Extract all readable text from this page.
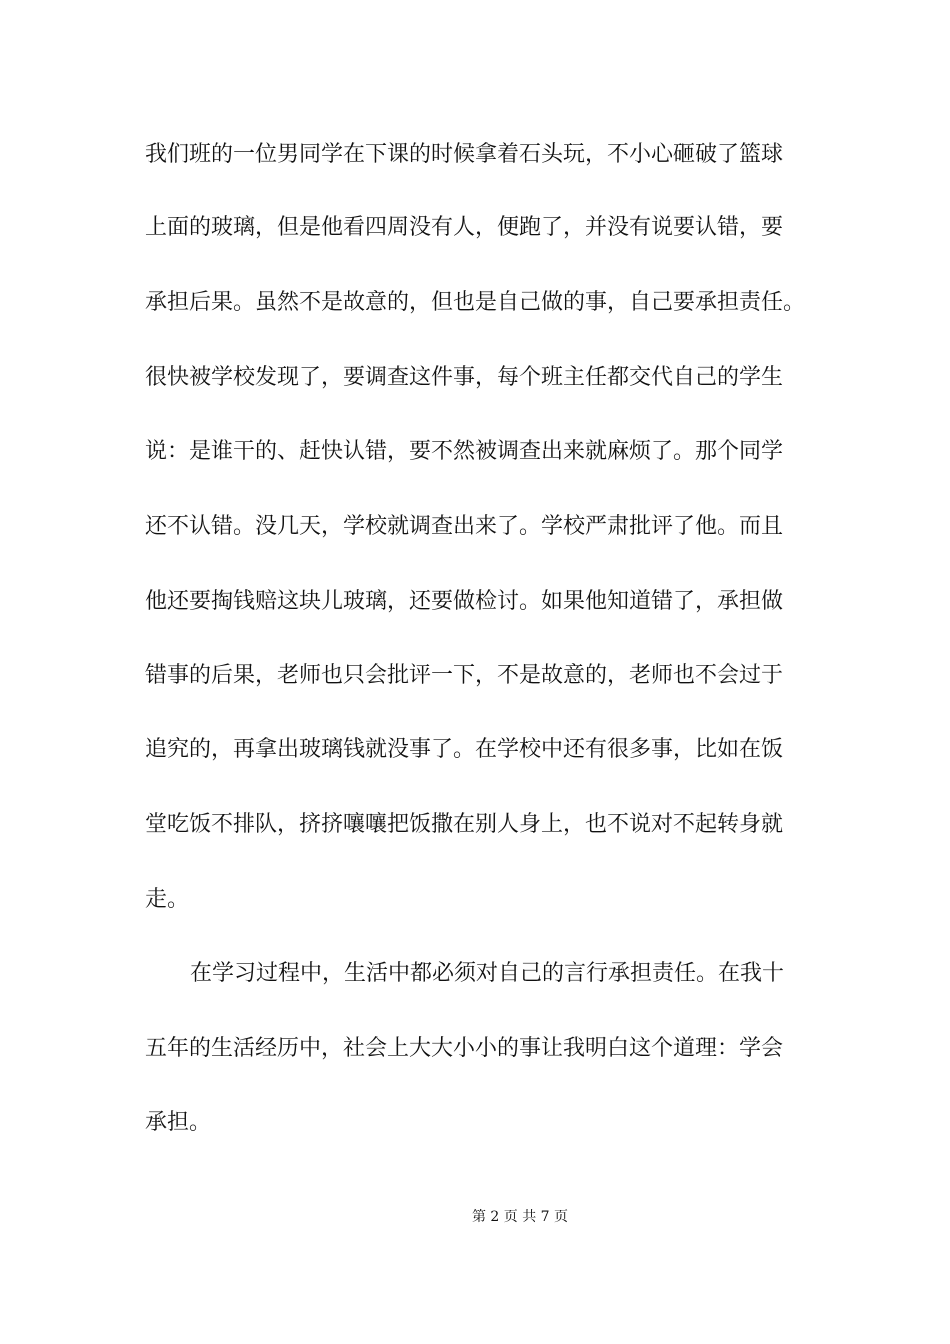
我们班的一位男同学在下课的时候拿着石头玩，不小心砸破了篮球
上面的玻璃，但是他看四周没有人，便跑了，并没有说要认错，要
承担后果。虽然不是故意的，但也是自己做的事，自己要承担责任。
很快被学校发现了，要调查这件事，每个班主任都交代自己的学生
说：是谁干的、赶快认错，要不然被调查出来就麻烦了。那个同学
还不认错。没几天，学校就调查出来了。学校严肃批评了他。而且
他还要掏钱赔这块儿玻璃，还要做检讨。如果他知道错了，承担做
错事的后果，老师也只会批评一下，不是故意的，老师也不会过于
追究的，再拿出玻璃钱就没事了。在学校中还有很多事，比如在饭
堂吃饭不排队，挤挤嚷嚷把饭撒在别人身上，也不说对不起转身就
走。
在学习过程中，生活中都必须对自己的言行承担责任。在我十
五年的生活经历中，社会上大大小小的事让我明白这个道理：学会
承担。
第 2 页 共 7 页
